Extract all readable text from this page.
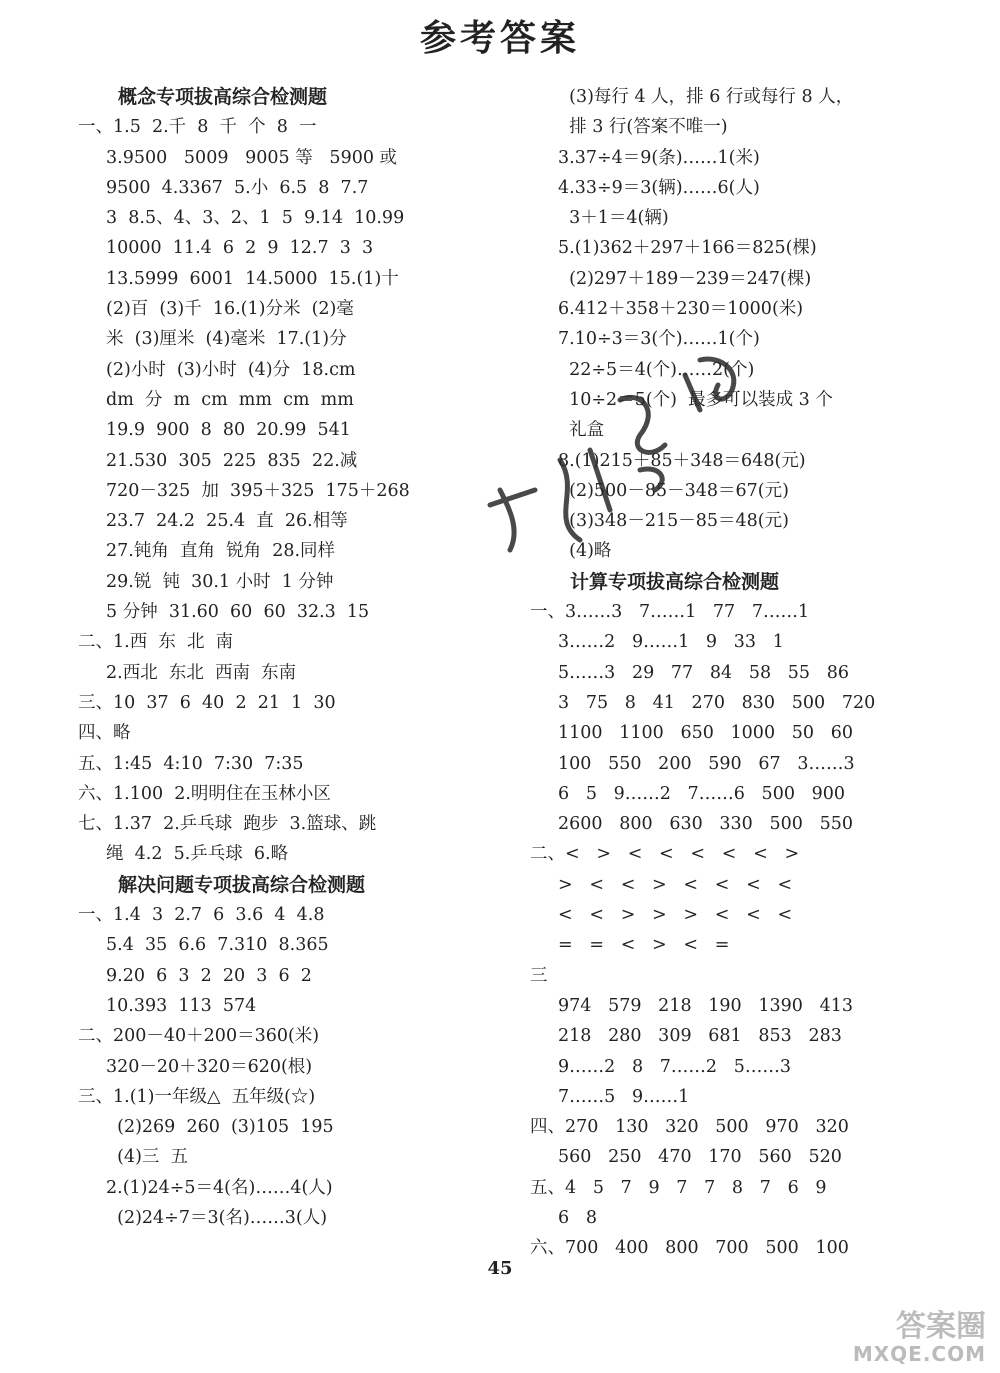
参考答案
概念专项拔高综合检测题
一、1.5  2.千  8  千  个  8  一
3.9500   5009   9005 等   5900 或
9500  4.3367  5.小  6.5  8  7.7
3  8.5、4、3、2、1  5  9.14  10.99
10000  11.4  6  2  9  12.7  3  3
13.5999  6001  14.5000  15.(1)十
(2)百  (3)千  16.(1)分米  (2)毫
米  (3)厘米  (4)毫米  17.(1)分
(2)小时  (3)小时  (4)分  18.cm
dm  分  m  cm  mm  cm  mm
19.9  900  8  80  20.99  541
21.530  305  225  835  22.减
720－325  加  395＋325  175＋268
23.7  24.2  25.4  直  26.相等
27.钝角  直角  锐角  28.同样
29.锐  钝  30.1 小时  1 分钟
5 分钟  31.60  60  60  32.3  15
二、1.西  东  北  南
2.西北  东北  西南  东南
三、10  37  6  40  2  21  1  30
四、略
五、1:45  4:10  7:30  7:35
六、1.100  2.明明住在玉林小区
七、1.37  2.乒乓球  跑步  3.篮球、跳
绳  4.2  5.乒乓球  6.略
解决问题专项拔高综合检测题
一、1.4  3  2.7  6  3.6  4  4.8
5.4  35  6.6  7.310  8.365
9.20  6  3  2  20  3  6  2
10.393  113  574
二、200－40＋200＝360(米)
320－20＋320＝620(根)
三、1.(1)一年级△  五年级(☆)
(2)269  260  (3)105  195
(4)三  五
2.(1)24÷5＝4(名)……4(人)
(2)24÷7＝3(名)……3(人)
(3)每行 4 人，排 6 行或每行 8 人，
排 3 行(答案不唯一)
3.37÷4＝9(条)……1(米)
4.33÷9＝3(辆)……6(人)
3＋1＝4(辆)
5.(1)362＋297＋166＝825(棵)
(2)297＋189－239＝247(棵)
6.412＋358＋230＝1000(米)
7.10÷3＝3(个)……1(个)
22÷5＝4(个)……2(个)
10÷2＝5(个)  最多可以装成 3 个
礼盒
8.(1)215＋85＋348＝648(元)
(2)500－85－348＝67(元)
(3)348－215－85＝48(元)
(4)略
计算专项拔高综合检测题
一、3……3   7……1   77   7……1
3……2   9……1   9   33   1
5……3   29   77   84   58   55   86
3   75   8   41   270   830   500   720
1100   1100   650   1000   50   60
100   550   200   590   67   3……3
6   5   9……2   7……6   500   900
2600   800   630   330   500   550
二、<   >   <   <   <   <   <   >
>   <   <   >   <   <   <   <
<   <   >   >   >   <   <   <
=   =   <   >   <   =
三
974   579   218   190   1390   413
218   280   309   681   853   283
9……2   8   7……2   5……3
7……5   9……1
四、270   130   320   500   970   320
560   250   470   170   560   520
五、4   5   7   9   7   7   8   7   6   9
6   8
六、700   400   800   700   500   100
45
答案圈
MXQE.COM
